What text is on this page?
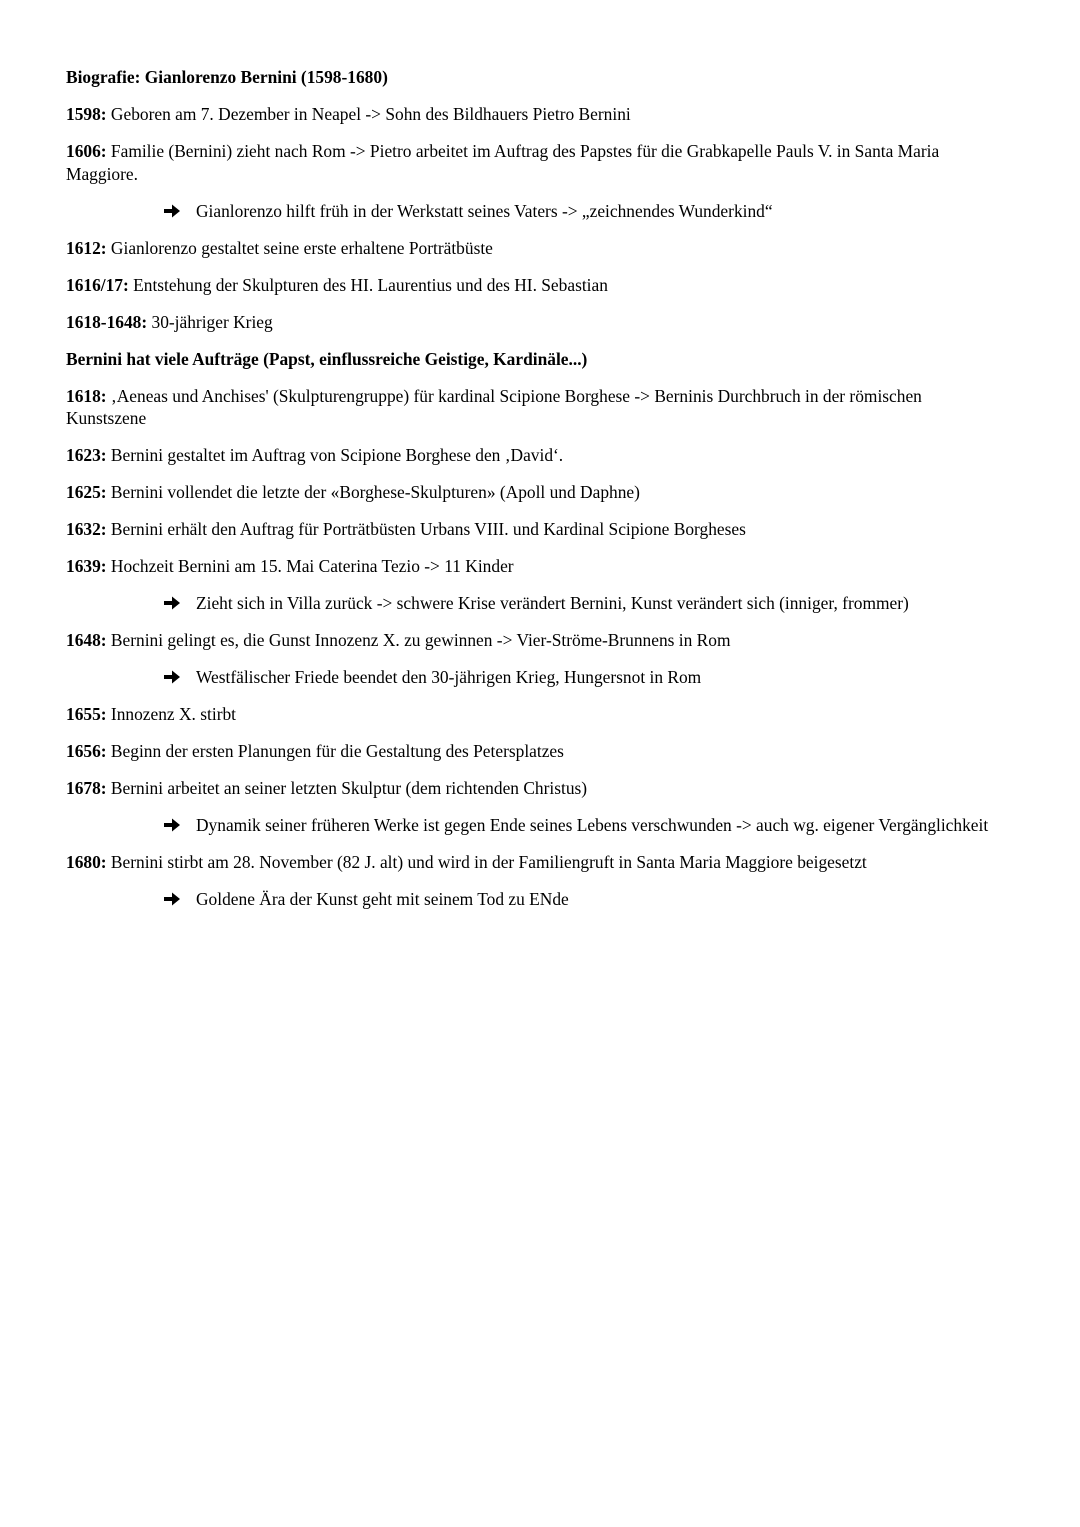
Biografie: Gianlorenzo Bernini (1598-1680)
1598: Geboren am 7. Dezember in Neapel -> Sohn des Bildhauers Pietro Bernini
1606: Familie (Bernini) zieht nach Rom -> Pietro arbeitet im Auftrag des Papstes für die Grabkapelle Pauls V. in Santa Maria Maggiore.
Gianlorenzo hilft früh in der Werkstatt seines Vaters -> „zeichnendes Wunderkind“
1612: Gianlorenzo gestaltet seine erste erhaltene Porträtbüste
1616/17: Entstehung der Skulpturen des HI. Laurentius und des HI. Sebastian
1618-1648: 30-jähriger Krieg
Bernini hat viele Aufträge (Papst, einflussreiche Geistige, Kardinäle...)
1618: ‚Aeneas und Anchises' (Skulpturengruppe) für kardinal Scipione Borghese -> Berninis Durchbruch in der römischen Kunstszene
1623: Bernini gestaltet im Auftrag von Scipione Borghese den ‚David‘.
1625: Bernini vollendet die letzte der «Borghese-Skulpturen» (Apoll und Daphne)
1632: Bernini erhält den Auftrag für Porträtbüsten Urbans VIII. und Kardinal Scipione Borgheses
1639: Hochzeit Bernini am 15. Mai Caterina Tezio -> 11 Kinder
Zieht sich in Villa zurück -> schwere Krise verändert Bernini, Kunst verändert sich (inniger, frommer)
1648: Bernini gelingt es, die Gunst Innozenz X. zu gewinnen -> Vier-Ströme-Brunnens in Rom
Westfälischer Friede beendet den 30-jährigen Krieg, Hungersnot in Rom
1655: Innozenz X. stirbt
1656: Beginn der ersten Planungen für die Gestaltung des Petersplatzes
1678: Bernini arbeitet an seiner letzten Skulptur (dem richtenden Christus)
Dynamik seiner früheren Werke ist gegen Ende seines Lebens verschwunden -> auch wg. eigener Vergänglichkeit
1680: Bernini stirbt am 28. November (82 J. alt) und wird in der Familiengruft in Santa Maria Maggiore beigesetzt
Goldene Ära der Kunst geht mit seinem Tod zu ENde
